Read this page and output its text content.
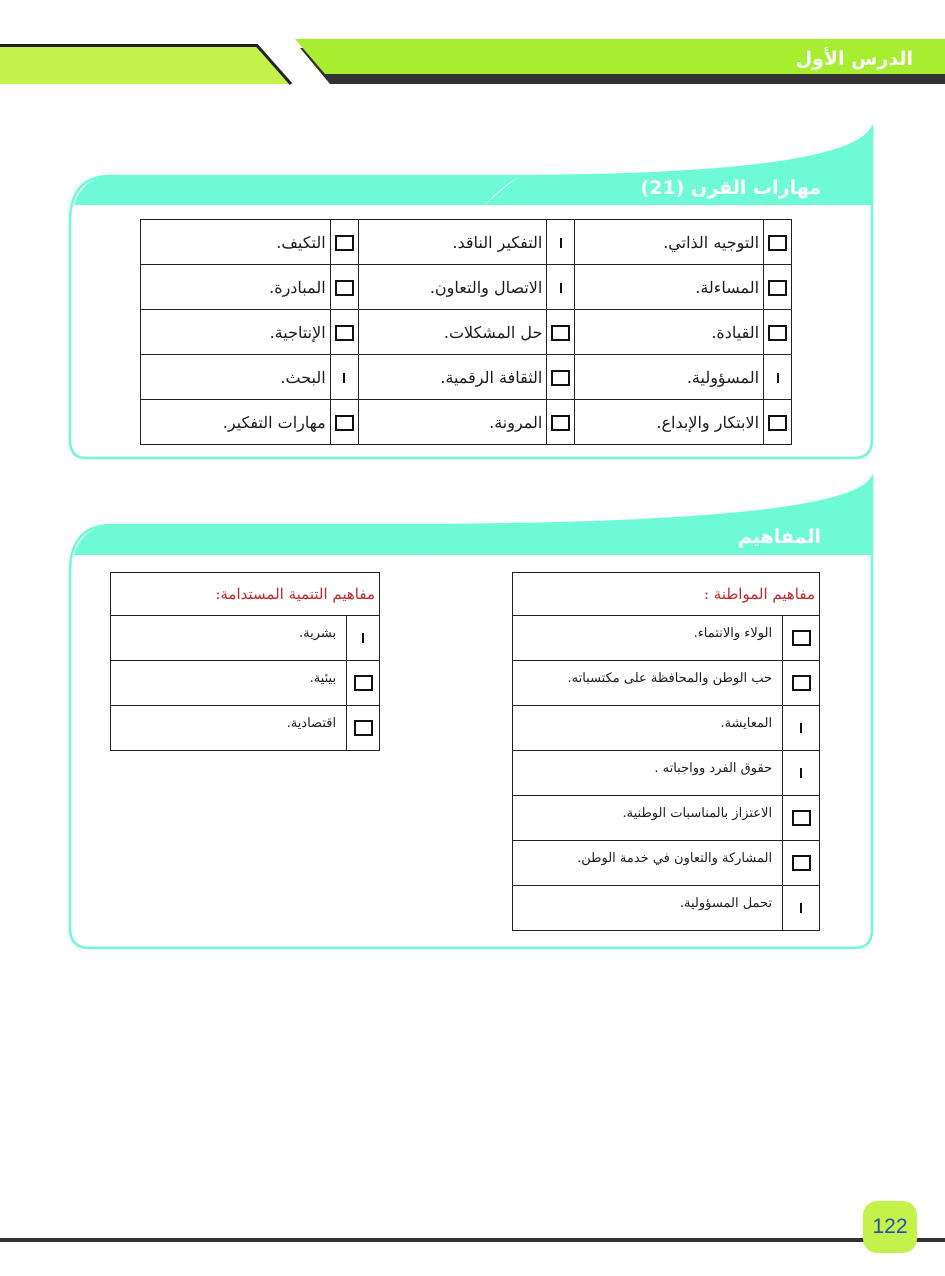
الدرس الأول
مهارات القرن (21)
المفاهيم
	التوجيه الذاتي.		التفكير الناقد.		التكيف.
	المساءلة.		الاتصال والتعاون.		المبادرة.
	القيادة.		حل المشكلات.		الإنتاجية.
	المسؤولية.		الثقافة الرقمية.		البحث.
	الابتكار والإبداع.		المرونة.		مهارات التفكير.
مفاهيم المواطنة :	
	الولاء والانتماء.
	حب الوطن والمحافظة على مكتسباته.
	المعايشة.
	حقوق الفرد وواجباته .
	الاعتزاز بالمناسبات الوطنية.
	المشاركة والتعاون في خدمة الوطن.
	تحمل المسؤولية.
مفاهيم التنمية المستدامة:	
	بشرية.
	بيئية.
	اقتصادية.
122
